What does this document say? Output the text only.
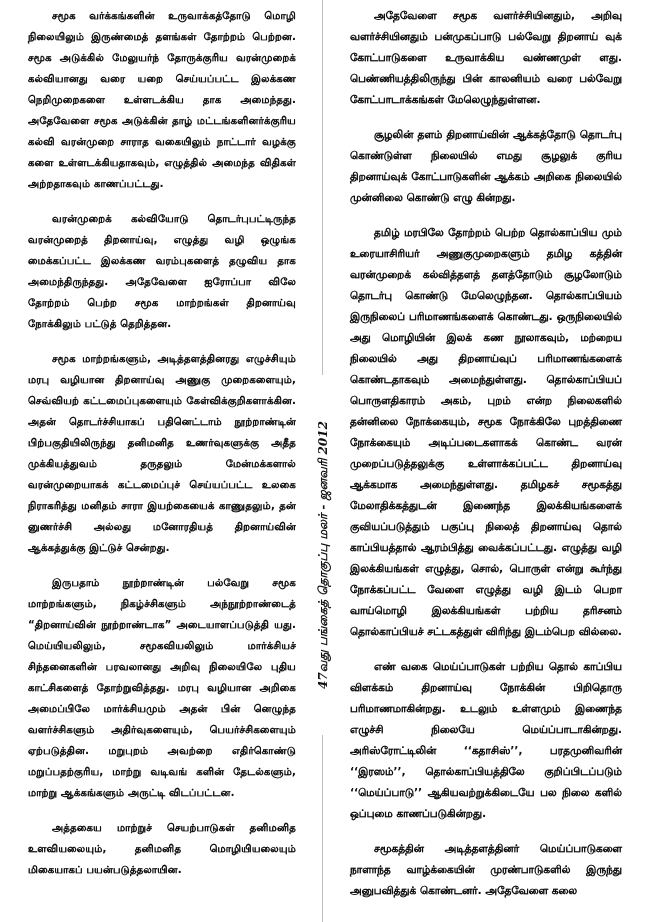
சமூக வர்க்கங்களின் உருவாக்கத்தோடு மொழி நிலையிலும் இருண்மைத் தளங்கள் தோற்றம் பெற்றன. சமூக அடுக்கில் மேலுயர்ந் தோருக்குரிய வரன்முறைக் கல்வியானது வரை யறை செய்யப்பட்ட இலக்கண நெறிமுறைகளை உள்ளடக்கிய தாக அமைந்தது. அதேவேளை சமூக அடுக்கின் தாழ் மட்டங்களினர்க்குரிய கல்வி வரன்முறை சாராத வகையிலும் நாட்டார் வழக்கு களை உள்ளடக்கியதாகவும், எழுத்தில் அமைந்த விதிகள் அற்றதாகவும் காணப்பட்டது.

வரன்முறைக் கல்வியோடு தொடர்புபட்டிருந்த வரன்முறைத் திறனாய்வு, எழுத்து வழி ஒழுங்க மைக்கப்பட்ட இலக்கண வரம்புகளைத் தழுவிய தாக அமைந்திருந்தது. அதேவேளை ஐரோப்பா விலே தோற்றம் பெற்ற சமூக மாற்றங்கள் திறனாய்வு நோக்கிலும் பட்டுத் தெறித்தன.

சமூக மாற்றங்களும், அடித்தளத்தினரது எழுச்சியும் மரபு வழியான திறனாய்வு அணுகு முறைகளையும், செவ்வியற் கட்டமைப்புகளையும் கேள்விக்குறிகளாக்கின. அதன் தொடர்ச்சியாகப் பதினெட்டாம் நூற்றாண்டின் பிற்பகுதியிலிருந்து தனிமனித உணர்வுகளுக்கு அதீத முக்கியத்துவம் தருதலும் மேன்மக்களால் வரன்முறையாகக் கட்டமைப்புச் செய்யப்பட்ட உலகை நிராகரித்து மனிதம் சாரா இயற்கையைக் காணுதலும், தன் னுணர்ச்சி அல்லது மனோரதியத் திறனாய்வின் ஆக்கத்துக்கு இட்டுச் சென்றது.

இருபதாம் நூற்றாண்டின் பல்வேறு சமூக மாற்றங்களும், நிகழ்ச்சிகளும் அந்நூற்றாண்டைத் “திறனாய்வின் நூற்றாண்டாக” அடையாளப்படுத்தி யது. மெய்யியலிலும், சமூகவியலிலும் மார்க்சியச் சிந்தனைகளின் பரவலானது அறிவு நிலையிலே புதிய காட்சிகளைத் தோற்றுவித்தது. மரபு வழியான அறிகை அமைப்பிலே மார்க்சியமும் அதன் பின் னெழுந்த வளர்ச்சிகளும் அதிர்வுகளையும், பெயர்ச்சிகளையும் ஏற்படுத்தின. மறுபுறம் அவற்றை எதிர்கொண்டு மறுப்பதற்குரிய, மாற்று வடிவங் களின் தேடல்களும், மாற்று ஆக்கங்களும் அருட்டி விடப்பட்டன.

அத்தகைய மாற்றுச் செயற்பாடுகள் தனிமனித உளவியலையும், தனிமனித மொழியியலையும் மிகையாகப் பயன்படுத்தலாயின.

47வது பங்கைத் தொகுப்பு மலர் - ஜனவரி 2012

அதேவேளை சமூக வளர்ச்சியினதும், அறிவு வளர்ச்சியினதும் பன்முகப்பாடு பல்வேறு திறனாய் வுக் கோட்பாடுகளை உருவாக்கிய வண்ணமுள் ளது. பெண்ணியத்திலிருந்து பின் காலனியம் வரை பல்வேறு கோட்பாடாக்கங்கள் மேலெழுந்துள்ளன.

சூழலின் தளம் திறனாய்வின் ஆக்கத்தோடு தொடர்பு கொண்டுள்ள நிலையில் எமது சூழலுக் குரிய திறனாய்வுக் கோட்பாடுகளின் ஆக்கம் அறிகை நிலையில் முன்னிலை கொண்டு எழு கின்றது.

தமிழ் மரபிலே தோற்றம் பெற்ற தொல்காப்பிய மும் உரையாசிரியர் அணுகுமுறைகளும் தமிழ கத்தின் வரன்முறைக் கல்வித்தளத் தளத்தோடும் சூழலோடும் தொடர்பு கொண்டு மேலெழுந்தன. தொல்காப்பியம் இருநிலைப் பரிமாணங்களைக் கொண்டது. ஒருநிலையில் அது மொழியின் இலக் கண நூலாகவும், மற்றைய நிலையில் அது திறனாய்வுப் பரிமாணங்களைக் கொண்டதாகவும் அமைந்துள்ளது. தொல்காப்பியப் பொருளதிகாரம் அகம், புறம் என்ற நிலைகளில் தன்னிலை நோக்கையும், சமூக நோக்கிலே புறத்திணை நோக்கையும் அடிப்படைகளாகக் கொண்ட வரன் முறைப்படுத்தலுக்கு உள்ளாக்கப்பட்ட திறனாய்வு ஆக்கமாக அமைந்துள்ளது. தமிழகச் சமூகத்து மேலாதிக்கத்துடன் இணைந்த இலக்கியங்களைக் குவியப்படுத்தும் பகுப்பு நிலைத் திறனாய்வு தொல் காப்பியத்தால் ஆரம்பித்து வைக்கப்பட்டது. எழுத்து வழி இலக்கியங்கள் எழுத்து, சொல், பொருள் என்று கூர்ந்து நோக்கப்பட்ட வேளை எழுத்து வழி இடம் பெறா வாய்மொழி இலக்கியங்கள் பற்றிய தரிசனம் தொல்காப்பியச் சட்டகத்துள் விரிந்து இடம்பெற வில்லை.

எண் வகை மெய்ப்பாடுகள் பற்றிய தொல் காப்பிய விளக்கம் திறனாய்வு நோக்கின் பிறிதொரு பரிமாணமாகின்றது. உடலும் உள்ளமும் இணைந்த எழுச்சி நிலையே மெய்ப்பாடாகின்றது. அரிஸ்ரோட்டிலின் ‘‘கதாசிஸ்’’, பரதமுனிவரின் ‘‘இரஸம்’’, தொல்காப்பியத்திலே குறிப்பிடப்படும் ‘‘மெய்ப்பாடு’’ ஆகியவற்றுக்கிடையே பல நிலை களில் ஒப்புமை காணப்படுகின்றது.

சமூகத்தின் அடித்தளத்தினர் மெய்ப்பாடுகளை நாளாந்த வாழ்க்கையின் முரண்பாடுகளில் இருந்து அனுபவித்துக் கொண்டனர். அதேவேளை கலை
